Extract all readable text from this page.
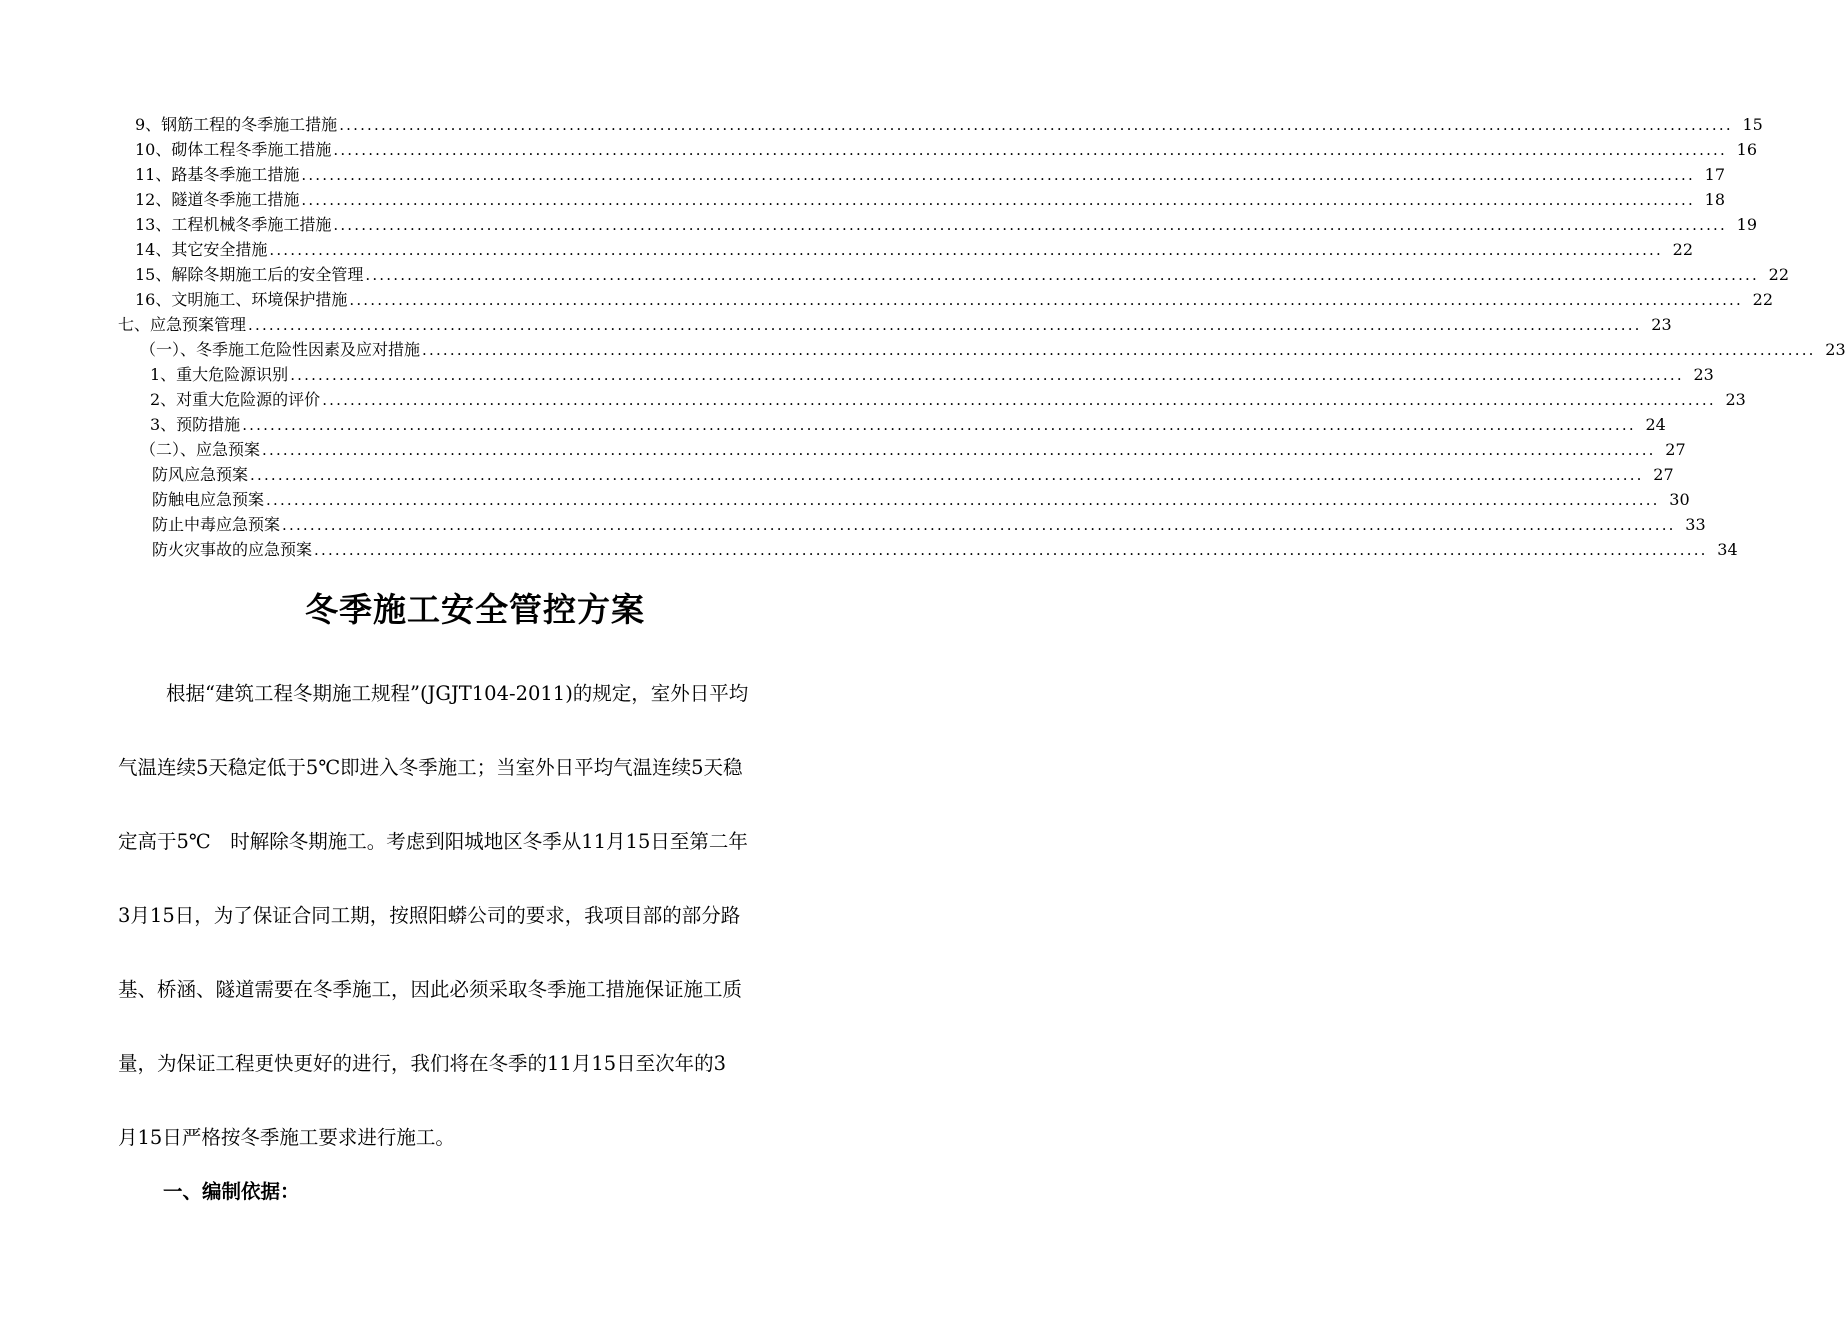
9、钢筋工程的冬季施工措施 ........................................................................................................................................................................................................ 15
10、砌体工程冬季施工措施 ........................................................................................................................................................................................................ 16
11、路基冬季施工措施 ........................................................................................................................................................................................................ 17
12、隧道冬季施工措施 ........................................................................................................................................................................................................ 18
13、工程机械冬季施工措施 ........................................................................................................................................................................................................ 19
14、其它安全措施 ........................................................................................................................................................................................................ 22
15、解除冬期施工后的安全管理 ........................................................................................................................................................................................................ 22
16、文明施工、环境保护措施 ........................................................................................................................................................................................................ 22
七、应急预案管理 ........................................................................................................................................................................................................ 23
（一）、冬季施工危险性因素及应对措施 ........................................................................................................................................................................................................ 23
1、重大危险源识别 ........................................................................................................................................................................................................ 23
2、对重大危险源的评价 ........................................................................................................................................................................................................ 23
3、预防措施 ........................................................................................................................................................................................................ 24
（二）、应急预案 ........................................................................................................................................................................................................ 27
防风应急预案 ........................................................................................................................................................................................................ 27
防触电应急预案 ........................................................................................................................................................................................................ 30
防止中毒应急预案 ........................................................................................................................................................................................................ 33
防火灾事故的应急预案 ........................................................................................................................................................................................................ 34
冬季施工安全管控方案
根据“建筑工程冬期施工规程”(JGJT104-2011)的规定，室外日平均
气温连续5天稳定低于5℃即进入冬季施工；当室外日平均气温连续5天稳
定高于5℃　时解除冬期施工。考虑到阳城地区冬季从11月15日至第二年
3月15日，为了保证合同工期，按照阳蟒公司的要求，我项目部的部分路
基、桥涵、隧道需要在冬季施工，因此必须采取冬季施工措施保证施工质
量，为保证工程更快更好的进行，我们将在冬季的11月15日至次年的3
月15日严格按冬季施工要求进行施工。
一、编制依据：
